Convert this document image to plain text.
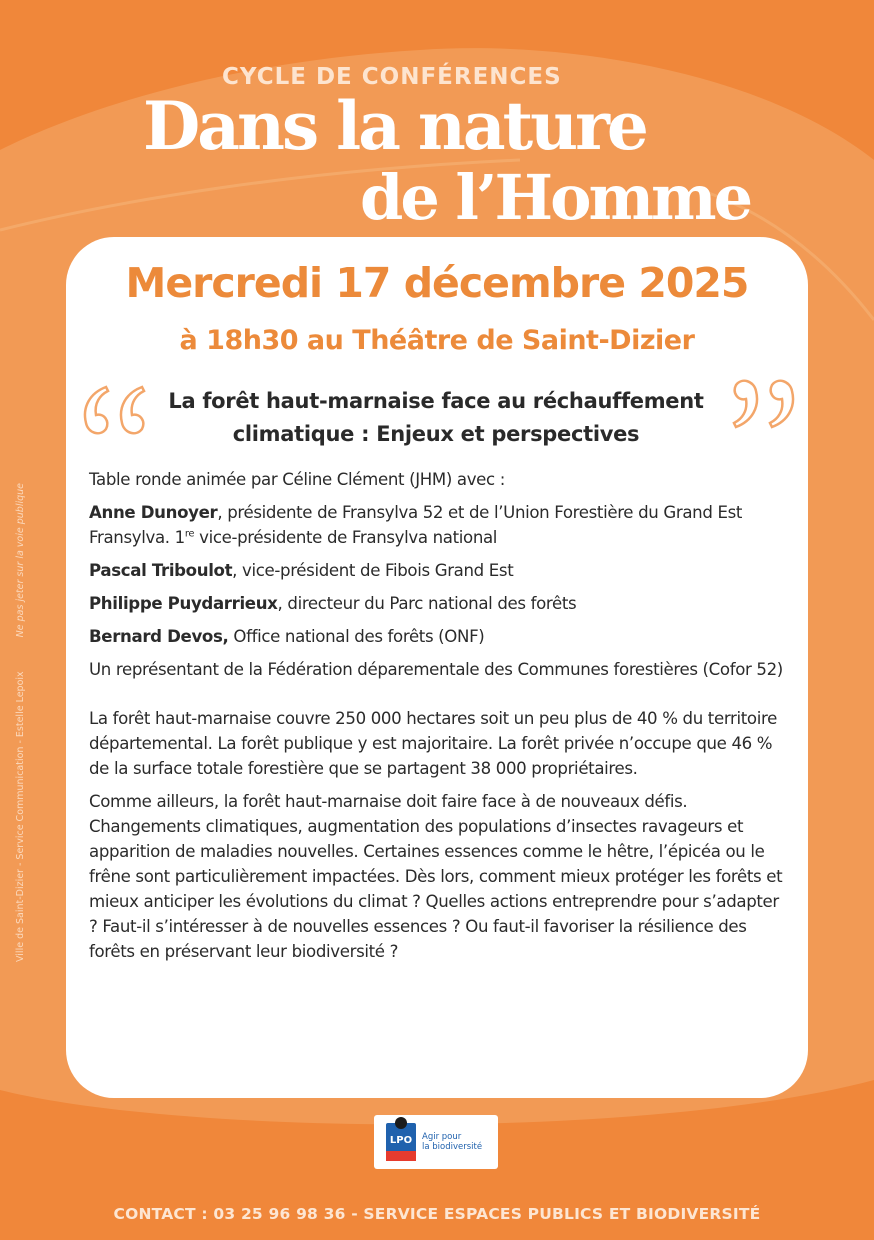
CYCLE DE CONFÉRENCES
Dans la nature
de l’Homme
Mercredi 17 décembre 2025
à 18h30 au Théâtre de Saint-Dizier
La forêt haut-marnaise face au réchauffement climatique : Enjeux et perspectives

Table ronde animée par Céline Clément (JHM) avec :

Anne Dunoyer, présidente de Fransylva 52 et de l’Union Forestière du Grand Est Fransylva. 1re vice-présidente de Fransylva national

Pascal Triboulot, vice-président de Fibois Grand Est

Philippe Puydarrieux, directeur du Parc national des forêts

Bernard Devos, Office national des forêts (ONF)

Un représentant de la Fédération déparementale des Communes forestières (Cofor 52)

La forêt haut-marnaise couvre 250 000 hectares soit un peu plus de 40 % du territoire départemental. La forêt publique y est majoritaire. La forêt privée n’occupe que 46 % de la surface totale forestière que se partagent 38 000 propriétaires.

Comme ailleurs, la forêt haut-marnaise doit faire face à de nouveaux défis. Changements climatiques, augmentation des populations d’insectes ravageurs et apparition de maladies nouvelles. Certaines essences comme le hêtre, l’épicéa ou le frêne sont particulièrement impactées. Dès lors, comment mieux protéger les forêts et mieux anticiper les évolutions du climat ? Quelles actions entreprendre pour s’adapter ? Faut-il s’intéresser à de nouvelles essences ? Ou faut-il favoriser la résilience des forêts en préservant leur biodiversité ?

Ville de Saint-Dizier - Service Communication - Estelle LepoixNe pas jeter sur la voie publique
LPO	Agir pour
la biodiversité
CONTACT : 03 25 96 98 36 - SERVICE ESPACES PUBLICS ET BIODIVERSITÉ
